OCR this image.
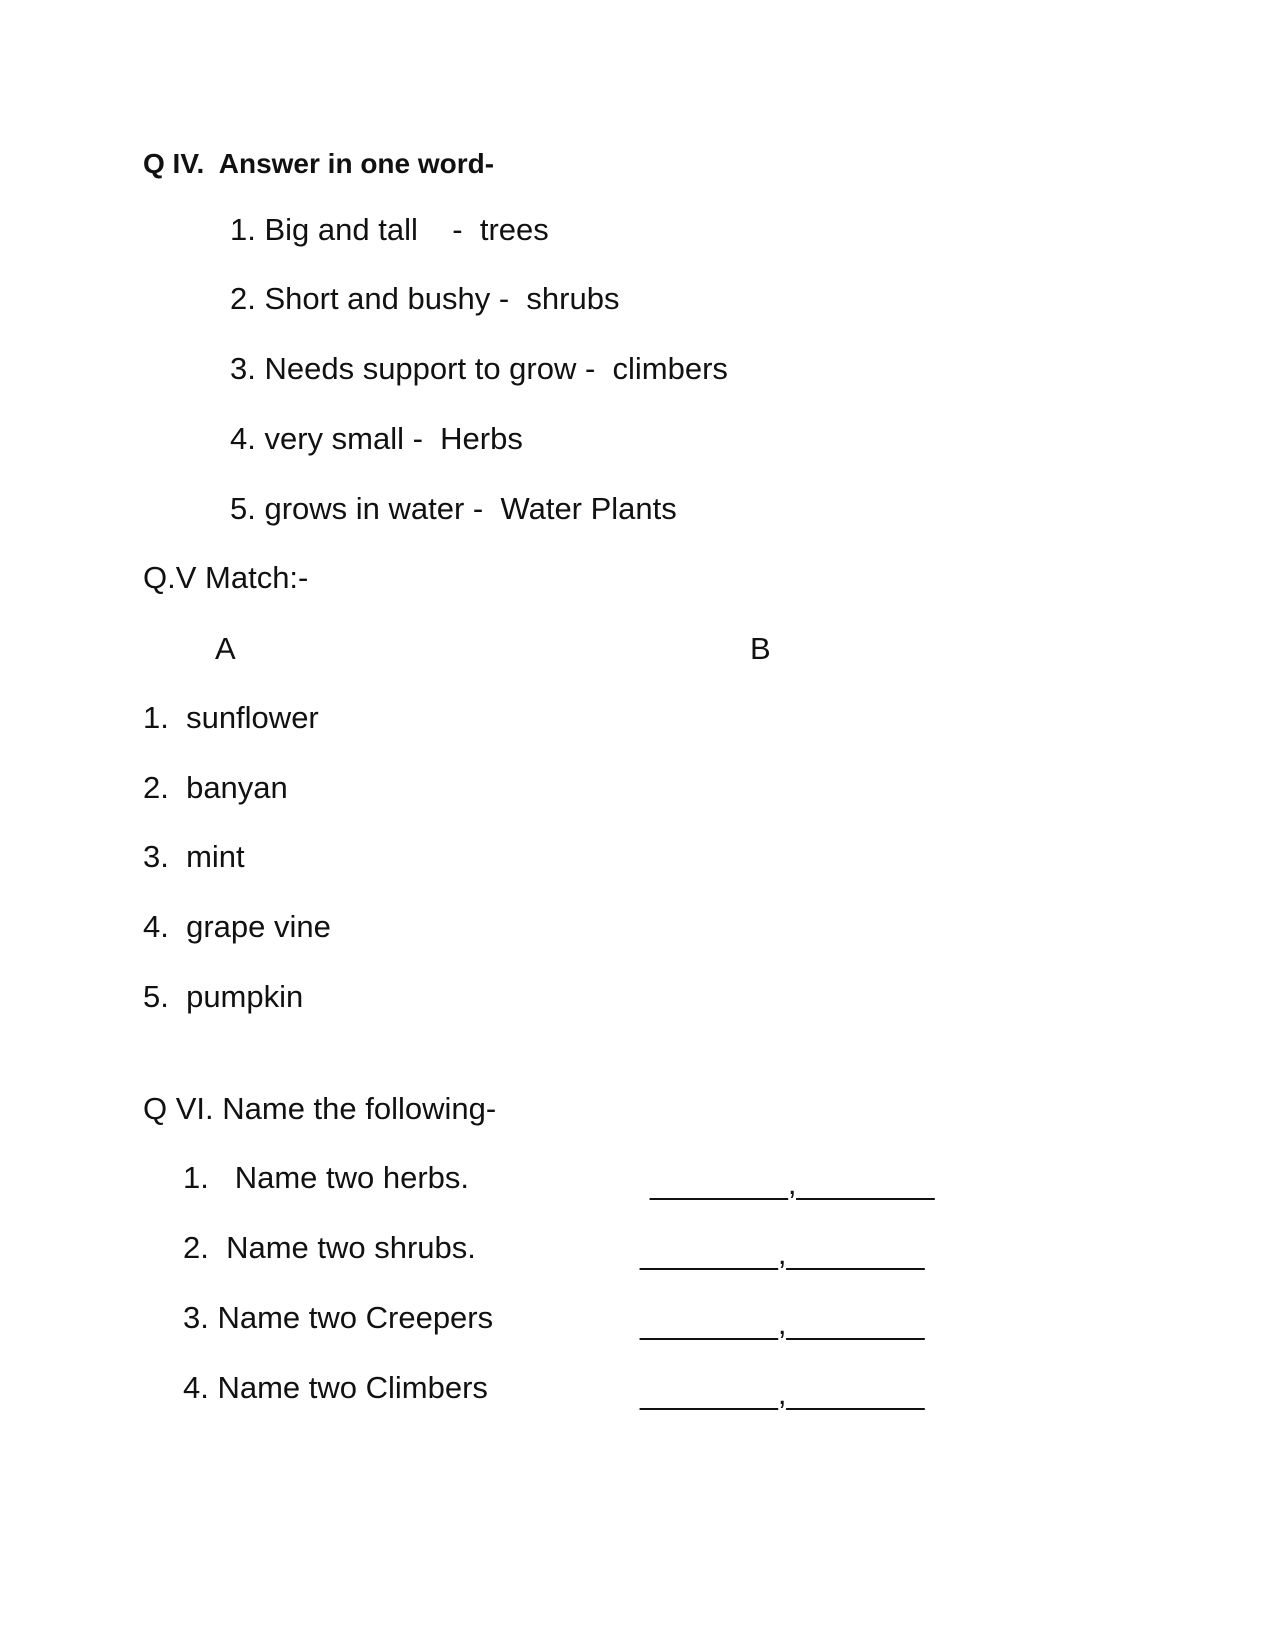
Q IV.  Answer in one word-
1. Big and tall    -  trees
2. Short and bushy -  shrubs
3. Needs support to grow -  climbers
4. very small -  Herbs
5. grows in water -  Water Plants
Q.V Match:-
A	B
1.  sunflower
2.  banyan
3.  mint
4.  grape vine
5.  pumpkin
Q VI. Name the following-
1.   Name two herbs.	________,________
2.  Name two shrubs.	________,________
3. Name two Creepers	________,________
4. Name two Climbers	________,________
